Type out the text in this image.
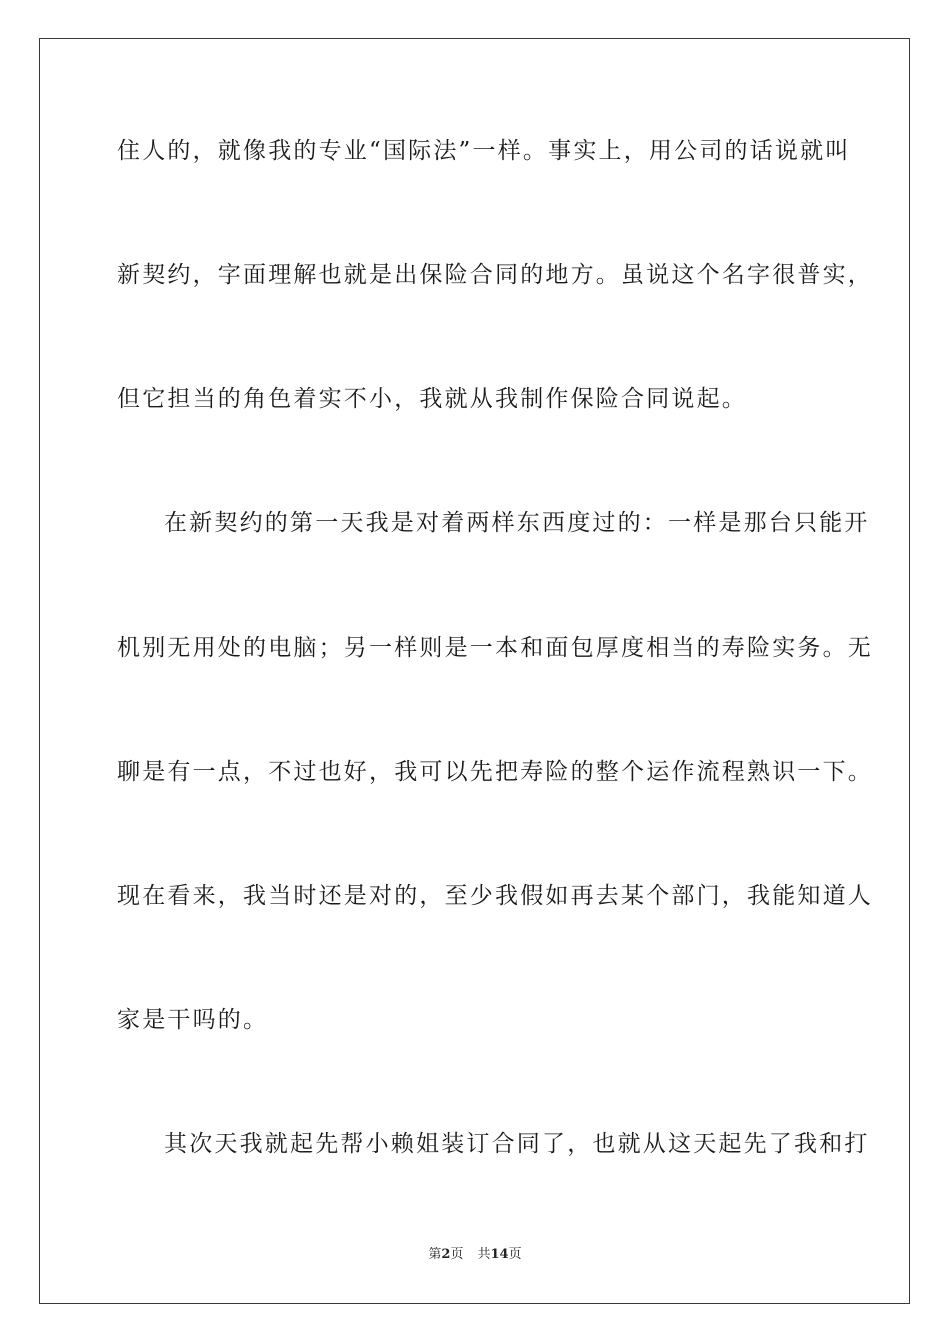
住人的，就像我的专业“国际法”一样。事实上，用公司的话说就叫
新契约，字面理解也就是出保险合同的地方。虽说这个名字很普实，
但它担当的角色着实不小，我就从我制作保险合同说起。
在新契约的第一天我是对着两样东西度过的：一样是那台只能开
机别无用处的电脑；另一样则是一本和面包厚度相当的寿险实务。无
聊是有一点，不过也好，我可以先把寿险的整个运作流程熟识一下。
现在看来，我当时还是对的，至少我假如再去某个部门，我能知道人
家是干吗的。
其次天我就起先帮小赖姐装订合同了，也就从这天起先了我和打
第2页 共14页
